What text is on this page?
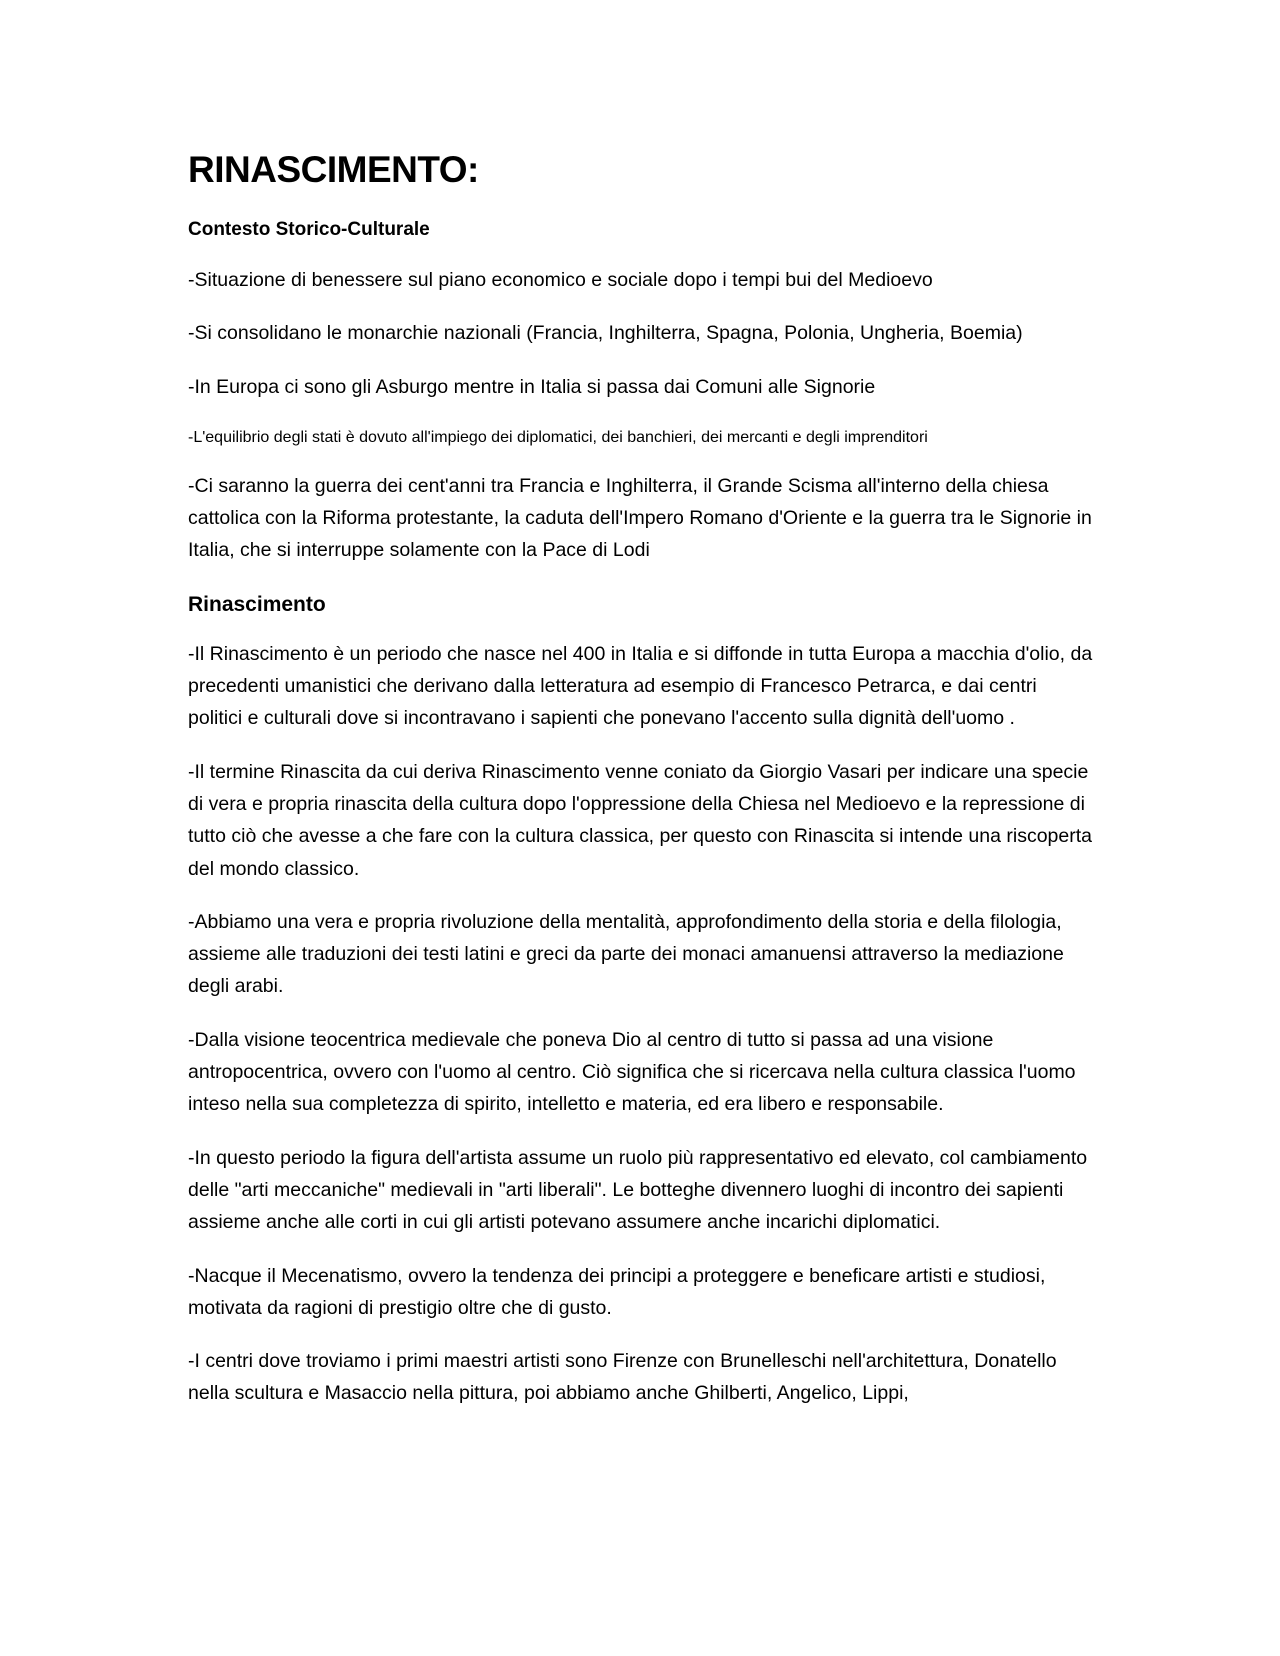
RINASCIMENTO:
Contesto Storico-Culturale

-Situazione di benessere sul piano economico e sociale dopo i tempi bui del Medioevo

-Si consolidano le monarchie nazionali (Francia, Inghilterra, Spagna, Polonia, Ungheria, Boemia)

-In Europa ci sono gli Asburgo mentre in Italia si passa dai Comuni alle Signorie

-L'equilibrio degli stati è dovuto all'impiego dei diplomatici, dei banchieri, dei mercanti e degli imprenditori

-Ci saranno la guerra dei cent'anni tra Francia e Inghilterra, il Grande Scisma all'interno della chiesa cattolica con la Riforma protestante, la caduta dell'Impero Romano d'Oriente e la guerra tra le Signorie in Italia, che si interruppe solamente con la Pace di Lodi

Rinascimento

-Il Rinascimento è un periodo che nasce nel 400 in Italia e si diffonde in tutta Europa a macchia d'olio, da precedenti umanistici che derivano dalla letteratura ad esempio di Francesco Petrarca, e dai centri politici e culturali dove si incontravano i sapienti che ponevano l'accento sulla dignità dell'uomo .

-Il termine Rinascita da cui deriva Rinascimento venne coniato da Giorgio Vasari per indicare una specie di vera e propria rinascita della cultura dopo l'oppressione della Chiesa nel Medioevo e la repressione di tutto ciò che avesse a che fare con la cultura classica, per questo con Rinascita si intende una riscoperta del mondo classico.

-Abbiamo una vera e propria rivoluzione della mentalità, approfondimento della storia e della filologia, assieme alle traduzioni dei testi latini e greci da parte dei monaci amanuensi attraverso la mediazione degli arabi.

-Dalla visione teocentrica medievale che poneva Dio al centro di tutto si passa ad una visione antropocentrica, ovvero con l'uomo al centro. Ciò significa che si ricercava nella cultura classica l'uomo inteso nella sua completezza di spirito, intelletto e materia, ed era libero e responsabile.

-In questo periodo la figura dell'artista assume un ruolo più rappresentativo ed elevato, col cambiamento delle "arti meccaniche" medievali in "arti liberali". Le botteghe divennero luoghi di incontro dei sapienti assieme anche alle corti in cui gli artisti potevano assumere anche incarichi diplomatici.

-Nacque il Mecenatismo, ovvero la tendenza dei principi a proteggere e beneficare artisti e studiosi, motivata da ragioni di prestigio oltre che di gusto.

-I centri dove troviamo i primi maestri artisti sono Firenze con Brunelleschi nell'architettura, Donatello nella scultura e Masaccio nella pittura, poi abbiamo anche Ghilberti, Angelico, Lippi,
